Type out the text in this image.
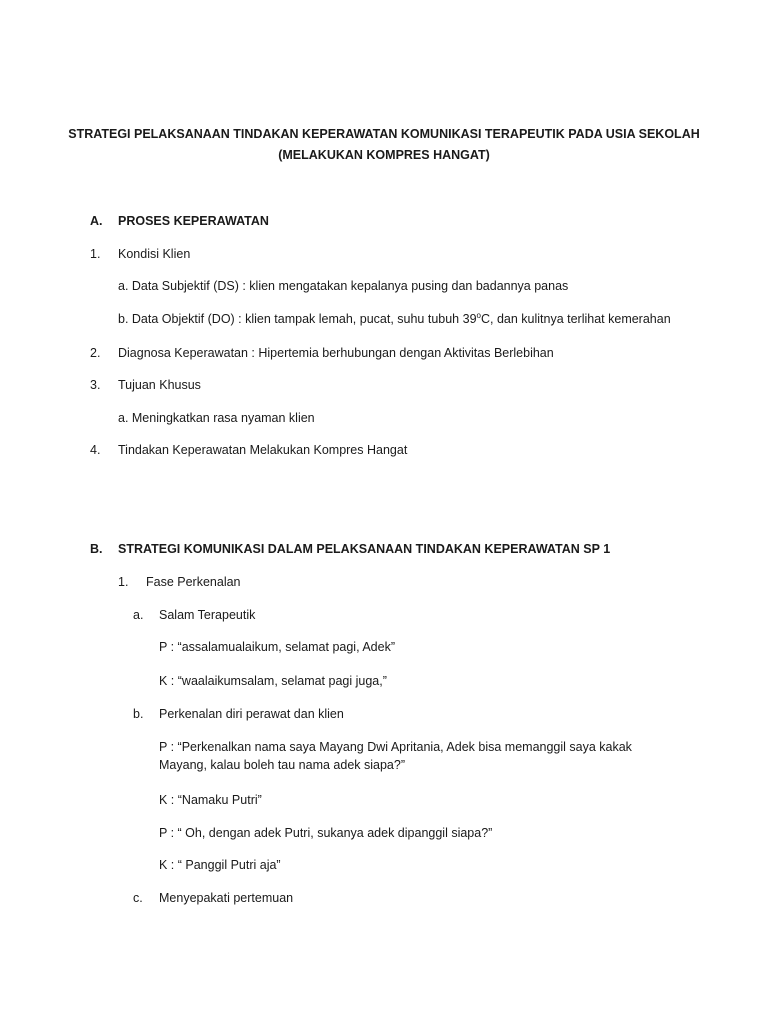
STRATEGI PELAKSANAAN TINDAKAN KEPERAWATAN KOMUNIKASI TERAPEUTIK PADA USIA SEKOLAH
(MELAKUKAN KOMPRES HANGAT)
A. PROSES KEPERAWATAN
1. Kondisi Klien
a. Data Subjektif (DS) : klien mengatakan kepalanya pusing dan badannya panas
b. Data Objektif (DO) : klien tampak lemah, pucat, suhu tubuh 39$^o$C, dan kulitnya terlihat kemerahan
2. Diagnosa Keperawatan : Hipertemia berhubungan dengan Aktivitas Berlebihan
3. Tujuan Khusus
a. Meningkatkan rasa nyaman klien
4. Tindakan Keperawatan Melakukan Kompres Hangat
B. STRATEGI KOMUNIKASI DALAM PELAKSANAAN TINDAKAN KEPERAWATAN SP 1
1. Fase Perkenalan
a. Salam Terapeutik
P : “assalamualaikum, selamat pagi, Adek”
K : “waalaikumsalam, selamat pagi juga,”
b. Perkenalan diri perawat dan klien
P : “Perkenalkan nama saya Mayang Dwi Apritania, Adek bisa memanggil saya kakak
Mayang, kalau boleh tau nama adek siapa?”
K : “Namaku Putri”
P : “ Oh, dengan adek Putri, sukanya adek dipanggil siapa?”
K : “ Panggil Putri aja”
c. Menyepakati pertemuan
